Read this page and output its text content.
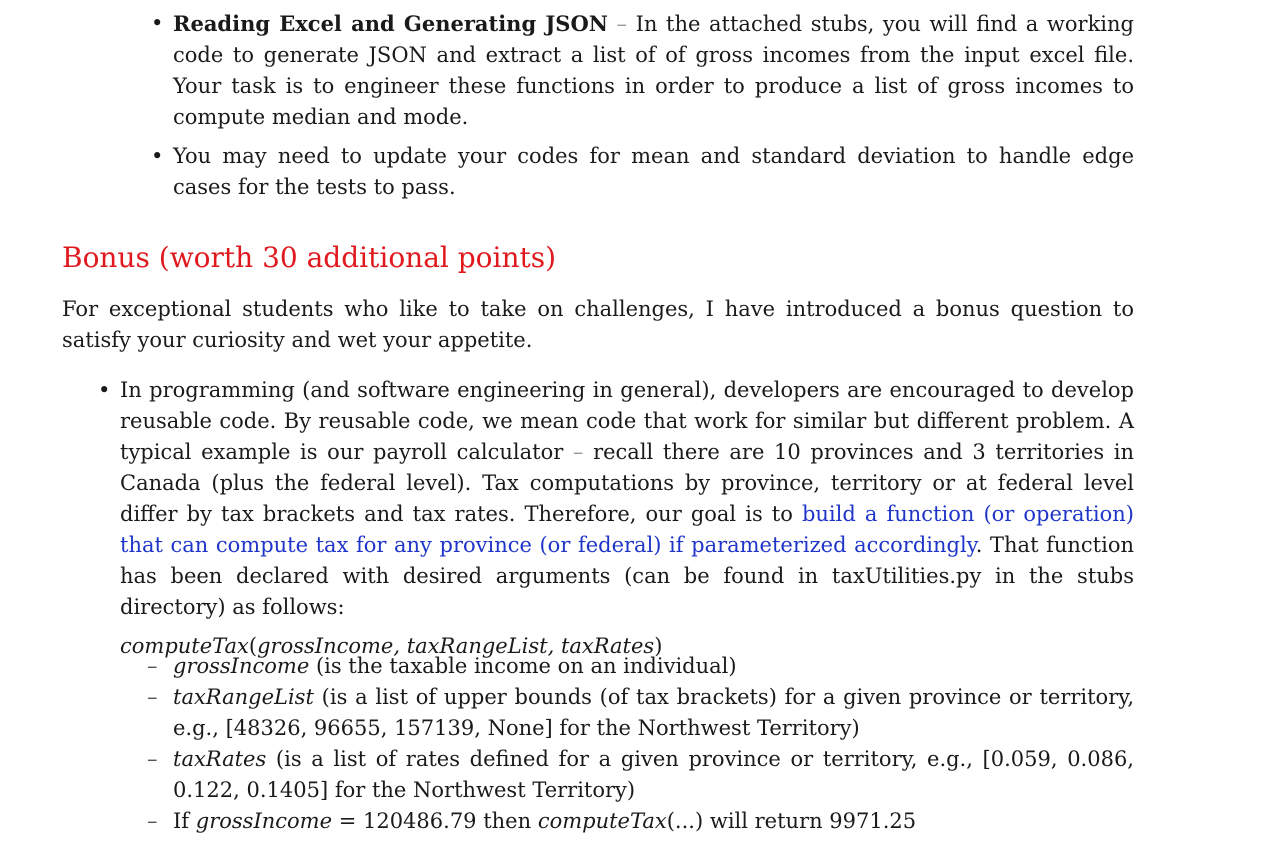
• Reading Excel and Generating JSON – In the attached stubs, you will find a working code to generate JSON and extract a list of of gross incomes from the input excel file. Your task is to engineer these functions in order to produce a list of gross incomes to compute median and mode.

• You may need to update your codes for mean and standard deviation to handle edge cases for the tests to pass.

Bonus (worth 30 additional points)

For exceptional students who like to take on challenges, I have introduced a bonus question to satisfy your curiosity and wet your appetite.

• In programming (and software engineering in general), developers are encouraged to develop reusable code. By reusable code, we mean code that work for similar but different problem. A typical example is our payroll calculator – recall there are 10 provinces and 3 territories in Canada (plus the federal level). Tax computations by province, territory or at federal level differ by tax brackets and tax rates. Therefore, our goal is to build a function (or operation) that can compute tax for any province (or federal) if parameterized accordingly. That function has been declared with desired arguments (can be found in taxUtilities.py in the stubs directory) as follows:

computeTax(grossIncome, taxRangeList, taxRates)

– grossIncome (is the taxable income on an individual)

– taxRangeList (is a list of upper bounds (of tax brackets) for a given province or territory, e.g., [48326, 96655, 157139, None] for the Northwest Territory)

– taxRates (is a list of rates defined for a given province or territory, e.g., [0.059, 0.086, 0.122, 0.1405] for the Northwest Territory)

– If grossIncome = 120486.79 then computeTax(...) will return 9971.25
